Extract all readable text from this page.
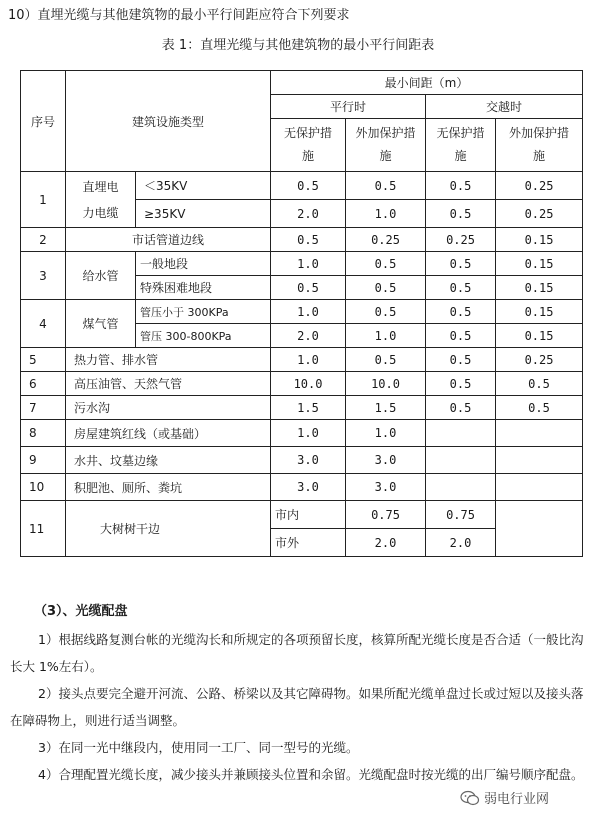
10）直埋光缆与其他建筑物的最小平行间距应符合下列要求
表 1：直埋光缆与其他建筑物的最小平行间距表
序号	建筑设施类型		最小间距（m）				
			平行时		交越时		
			无保护措施	外加保护措施	无保护措施	外加保护措施	
1	直埋电力电缆	＜35KV	0.5	0.5	0.5	0.25	
		≥35KV	2.0	1.0	0.5	0.25	
2	市话管道边线		0.5	0.25	0.25	0.15	
3	给水管	一般地段	1.0	0.5	0.5	0.15	
		特殊困难地段	0.5	0.5	0.5	0.15	
4	煤气管	管压小于 300KPa	1.0	0.5	0.5	0.15	
		管压 300-800KPa	2.0	1.0	0.5	0.15	
5	热力管、排水管		1.0	0.5	0.5	0.25	
6	高压油管、天然气管		10.0	10.0	0.5	0.5	
7	污水沟		1.5	1.5	0.5	0.5	
8	房屋建筑红线（或基础）		1.0	1.0			
9	水井、坟墓边缘		3.0	3.0			
10	积肥池、厕所、粪坑		3.0	3.0			
11	大树树干边		市内	0.75	0.75		
			市外	2.0	2.0		
（3）、光缆配盘
1）根据线路复测台帐的光缆沟长和所规定的各项预留长度，核算所配光缆长度是否合适（一般比沟长大 1%左右）。
2）接头点要完全避开河流、公路、桥梁以及其它障碍物。如果所配光缆单盘过长或过短以及接头落在障碍物上，则进行适当调整。
3）在同一光中继段内，使用同一工厂、同一型号的光缆。
4）合理配置光缆长度，减少接头并兼顾接头位置和余留。光缆配盘时按光缆的出厂编号顺序配盘。
弱电行业网
